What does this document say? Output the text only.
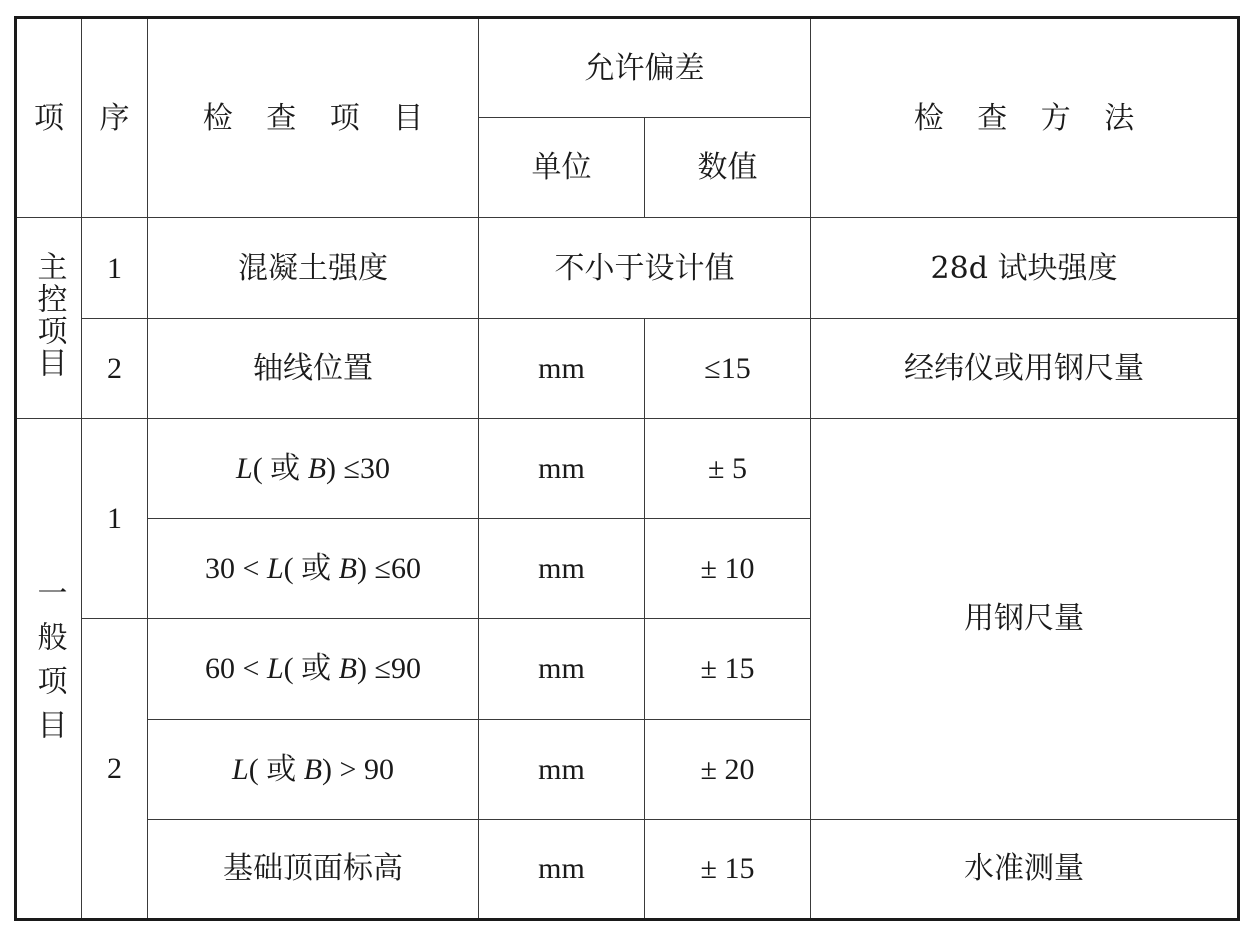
项	序	检 查 项 目	允许偏差		检 查 方 法
			单位	数值	
主控项目	1	混凝土强度	不小于设计值		28d 试块强度
	2	轴线位置	mm	≤15	经纬仪或用钢尺量
一般项目	1	L( 或 B) ≤30	mm	± 5	用钢尺量
		30 < L( 或 B) ≤60	mm	± 10	
	2	60 < L( 或 B) ≤90	mm	± 15	
		L( 或 B) > 90	mm	± 20	
		基础顶面标高	mm	± 15	水准测量
